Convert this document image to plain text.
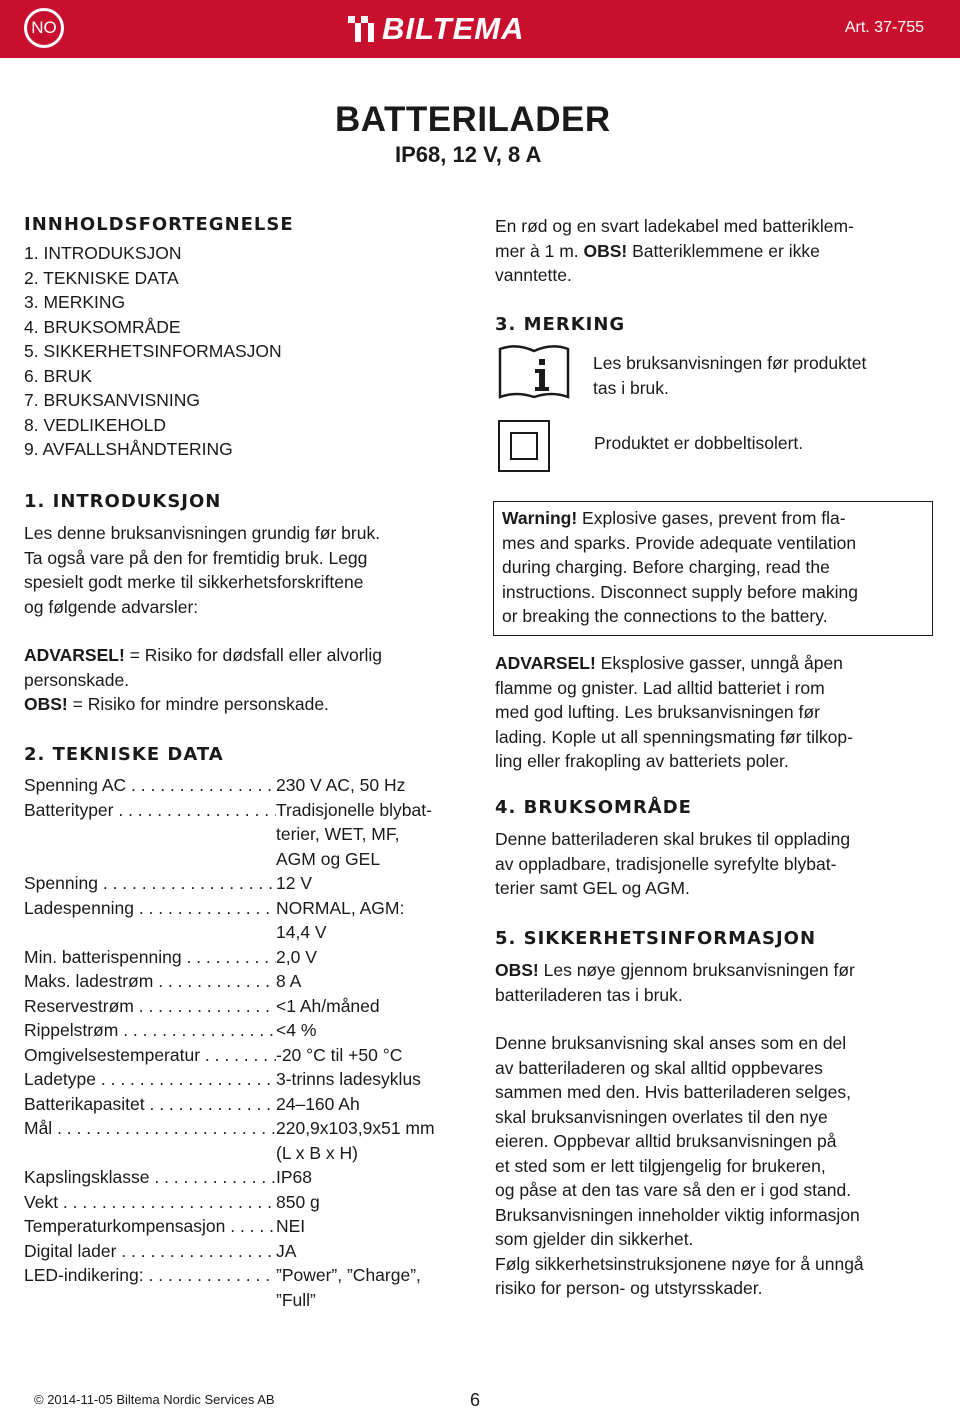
NO	BILTEMA	Art. 37-755
BATTERILADER
IP68, 12 V, 8 A
INNHOLDSFORTEGNELSE
1. INTRODUKSJON
2. TEKNISKE DATA
3. MERKING
4. BRUKSOMRÅDE
5. SIKKERHETSINFORMASJON
6. BRUK
7. BRUKSANVISNING
8. VEDLIKEHOLD
9. AVFALLSHÅNDTERING
1. INTRODUKSJON

Les denne bruksanvisningen grundig før bruk.
Ta også vare på den for fremtidig bruk. Legg
spesielt godt merke til sikkerhetsforskriftene
og følgende advarsler:

ADVARSEL! = Risiko for dødsfall eller alvorlig
personskade.

OBS! = Risiko for mindre personskade.

2. TEKNISKE DATA
Spenning AC . . .	230 V AC, 50 Hz
Batterityper . . .	Tradisjonelle blybat-
terier, WET, MF,
AGM og GEL
Spenning . . .	12 V
Ladespenning . . .	NORMAL, AGM:
14,4 V
Min. batterispenning . . .	2,0 V
Maks. ladestrøm . . .	8 A
Reservestrøm . . .	<1 Ah/måned
Rippelstrøm . . .	<4 %
Omgivelsestemperatur . . .	-20 °C til +50 °C
Ladetype . . .	3-trinns ladesyklus
Batterikapasitet . . .	24–160 Ah
Mål . . .	220,9x103,9x51 mm
(L x B x H)
Kapslingsklasse . . .	IP68
Vekt . . .	850 g
Temperaturkompensasjon . . .	NEI
Digital lader . . .	JA
LED-indikering: . . .	”Power”, ”Charge”,
”Full”

En rød og en svart ladekabel med batteriklem-
mer à 1 m. OBS! Batteriklemmene er ikke
vanntette.

3. MERKING

Les bruksanvisningen før produktet
tas i bruk.

Produktet er dobbeltisolert.

Warning! Explosive gases, prevent from fla-
mes and sparks. Provide adequate ventilation
during charging. Before charging, read the
instructions. Disconnect supply before making
or breaking the connections to the battery.

ADVARSEL! Eksplosive gasser, unngå åpen
flamme og gnister. Lad alltid batteriet i rom
med god lufting. Les bruksanvisningen før
lading. Kople ut all spenningsmating før tilkop-
ling eller frakopling av batteriets poler.

4. BRUKSOMRÅDE

Denne batteriladeren skal brukes til opplading
av oppladbare, tradisjonelle syrefylte blybat-
terier samt GEL og AGM.

5. SIKKERHETSINFORMASJON

OBS! Les nøye gjennom bruksanvisningen før
batteriladeren tas i bruk.

Denne bruksanvisning skal anses som en del
av batteriladeren og skal alltid oppbevares
sammen med den. Hvis batteriladeren selges,
skal bruksanvisningen overlates til den nye
eieren. Oppbevar alltid bruksanvisningen på
et sted som er lett tilgjengelig for brukeren,
og påse at den tas vare så den er i god stand.
Bruksanvisningen inneholder viktig informasjon
som gjelder din sikkerhet.
Følg sikkerhetsinstruksjonene nøye for å unngå
risiko for person- og utstyrsskader.

© 2014-11-05 Biltema Nordic Services AB	6
